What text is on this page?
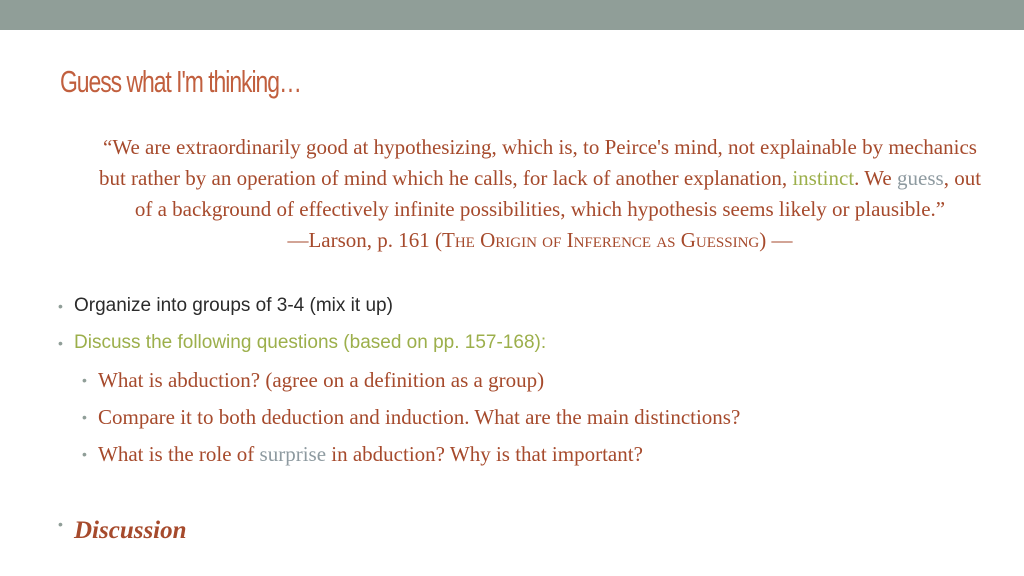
Guess what I'm thinking…
“We are extraordinarily good at hypothesizing, which is, to Peirce's mind, not explainable by mechanics but rather by an operation of mind which he calls, for lack of another explanation, instinct. We guess, out of a background of effectively infinite possibilities, which hypothesis seems likely or plausible.”
—Larson, p. 161 (The Origin of Inference as Guessing) —
• Organize into groups of 3-4 (mix it up)
• Discuss the following questions (based on pp. 157-168):
• What is abduction? (agree on a definition as a group)
• Compare it to both deduction and induction. What are the main distinctions?
• What is the role of surprise in abduction? Why is that important?
• Discussion
